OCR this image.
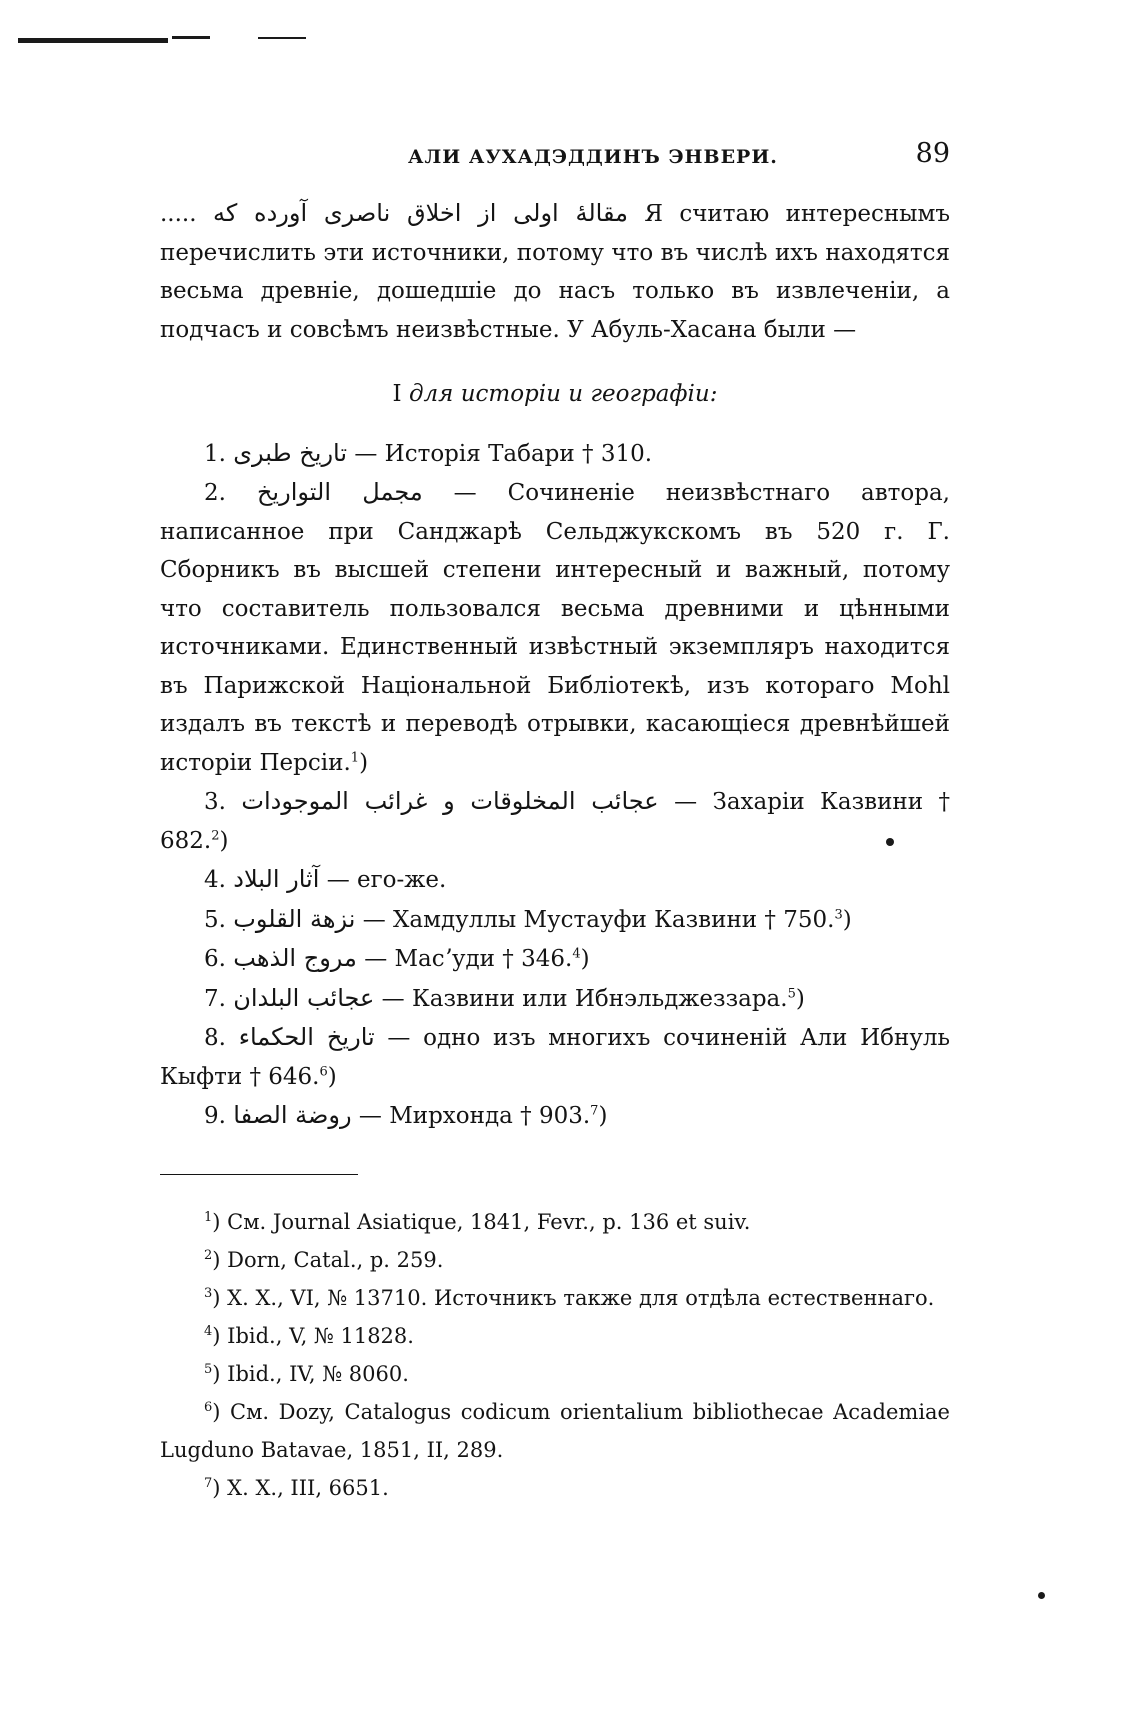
АЛИ АУХАДЭДДИНЪ ЭНВЕРИ.	89

..... مقالهٔ اولی از اخلاق ناصری آورده که Я считаю интереснымъ перечислить эти источники, потому что въ числѣ ихъ находятся весьма древніе, дошедшіе до насъ только въ извлеченіи, а подчасъ и совсѣмъ неизвѣстные. У Абуль-Хасана были —

I для исторіи и географіи:

1. تاريخ طبرى — Исторія Табари † 310.

2. مجمل التواريخ — Сочиненіе неизвѣстнаго автора, написанное при Санджарѣ Сельджукскомъ въ 520 г. Г. Сборникъ въ высшей степени интересный и важный, потому что составитель пользовался весьма древними и цѣнными источниками. Единственный извѣстный экземпляръ находится въ Парижской Національной Библіотекѣ, изъ котораго Mohl издалъ въ текстѣ и переводѣ отрывки, касающіеся древнѣйшей исторіи Персіи.$^1$)

3. عجائب المخلوقات و غرائب الموجودات — Захаріи Казвини † 682.$^2$)

4. آثار البلاد — его-же.

5. نزهة القلوب — Хамдуллы Мустауфи Казвини † 750.$^3$)

6. مروج الذهب — Масʼуди † 346.$^4$)

7. عجائب البلدان — Казвини или Ибнэльджеззара.$^5$)

8. تاريخ الحكماء — одно изъ многихъ сочиненій Али Ибнуль Кыфти † 646.$^6$)

9. روضة الصفا — Мирхонда † 903.$^7$)

$^1$) См. Journal Asiatique, 1841, Fevr., p. 136 et suiv.

$^2$) Dorn, Catal., p. 259.

$^3$) X. X., VI, № 13710. Источникъ также для отдѣла естественнаго.

$^4$) Ibid., V, № 11828.

$^5$) Ibid., IV, № 8060.

$^6$) См. Dozy, Catalogus codicum orientalium bibliothecae Academiae Lugduno Batavae, 1851, II, 289.

$^7$) X. X., III, 6651.
